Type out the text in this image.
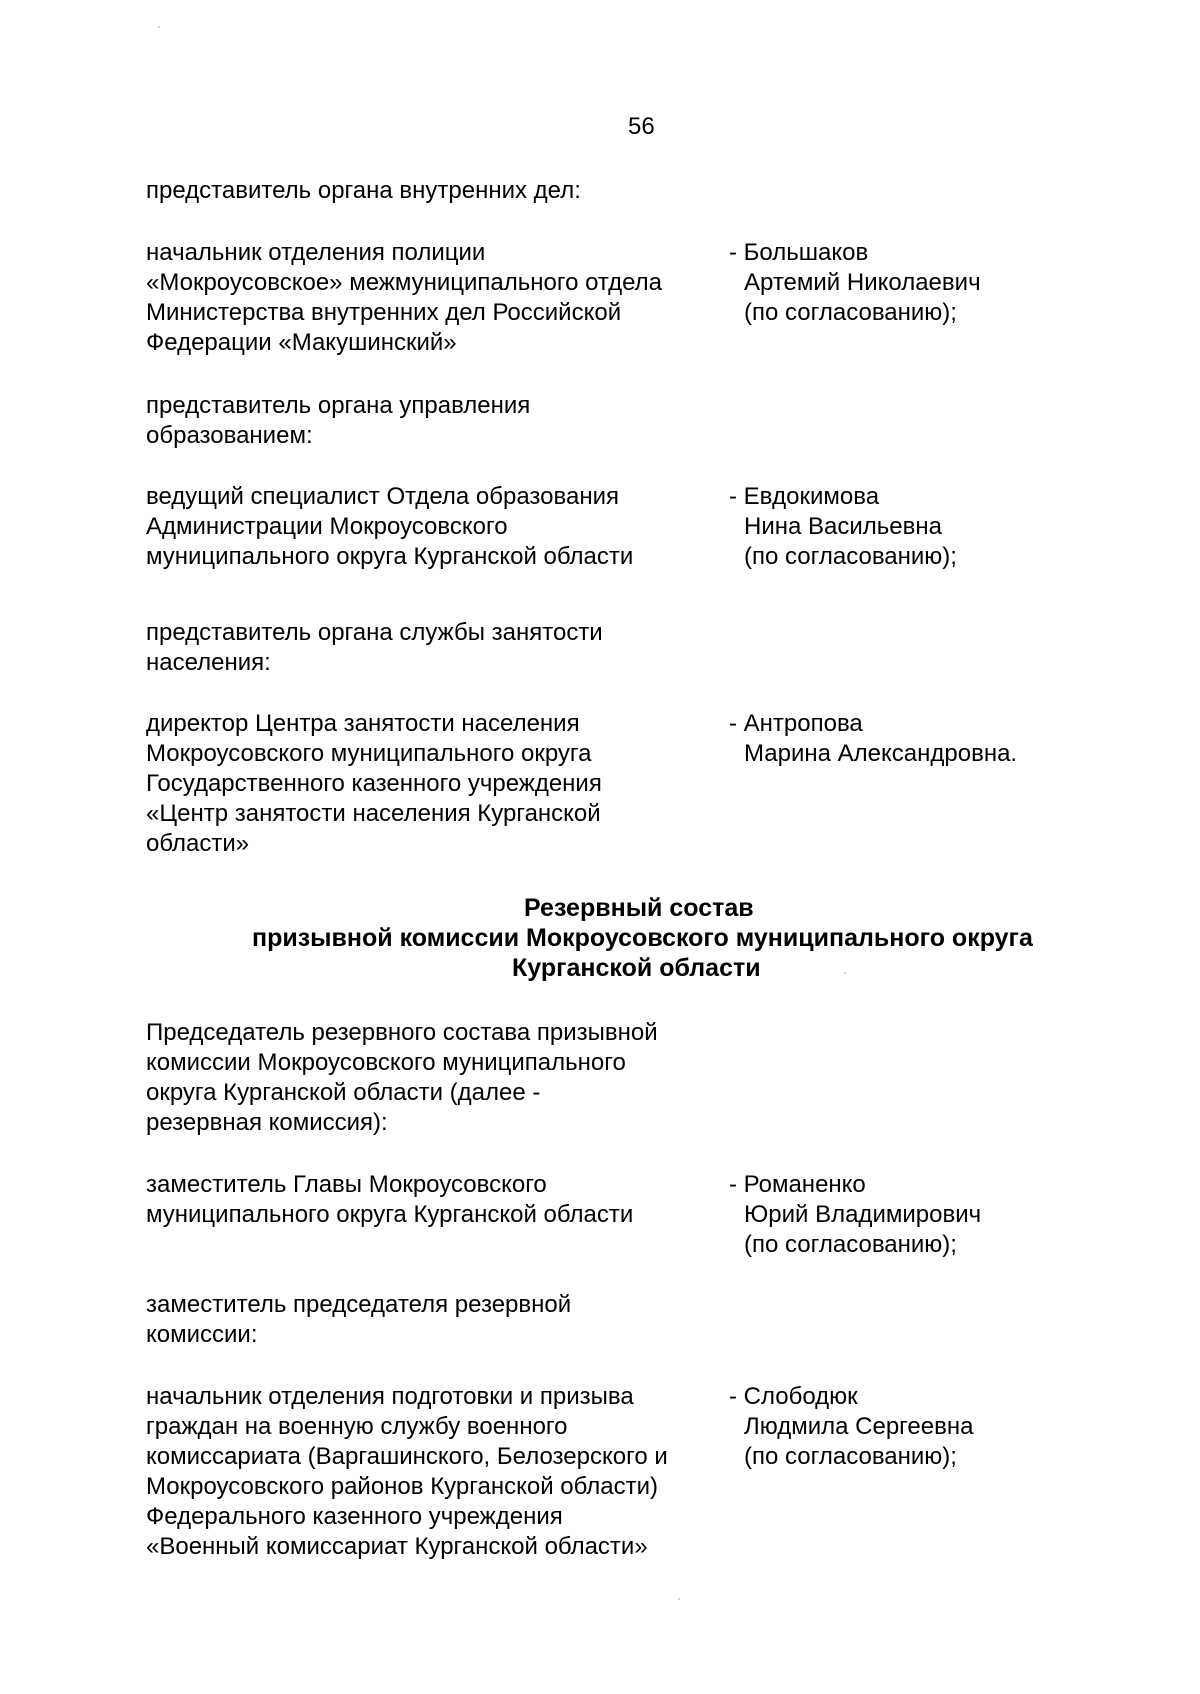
56
представитель органа внутренних дел:
начальник отделения полиции
«Мокроусовское» межмуниципального отдела
Министерства внутренних дел Российской
Федерации «Макушинский»
- Большаков
Артемий Николаевич
(по согласованию);
представитель органа управления
образованием:
ведущий специалист Отдела образования
Администрации Мокроусовского
муниципального округа Курганской области
- Евдокимова
Нина Васильевна
(по согласованию);
представитель органа службы занятости
населения:
директор Центра занятости населения
Мокроусовского муниципального округа
Государственного казенного учреждения
«Центр занятости населения Курганской
области»
- Антропова
Марина Александровна.
Резервный состав
призывной комиссии Мокроусовского муниципального округа
Курганской области
Председатель резервного состава призывной
комиссии Мокроусовского муниципального
округа Курганской области (далее -
резервная комиссия):
заместитель Главы Мокроусовского
муниципального округа Курганской области
- Романенко
Юрий Владимирович
(по согласованию);
заместитель председателя резервной
комиссии:
начальник отделения подготовки и призыва
граждан на военную службу военного
комиссариата (Варгашинского, Белозерского и
Мокроусовского районов Курганской области)
Федерального казенного учреждения
«Военный комиссариат Курганской области»
- Слободюк
Людмила Сергеевна
(по согласованию);
